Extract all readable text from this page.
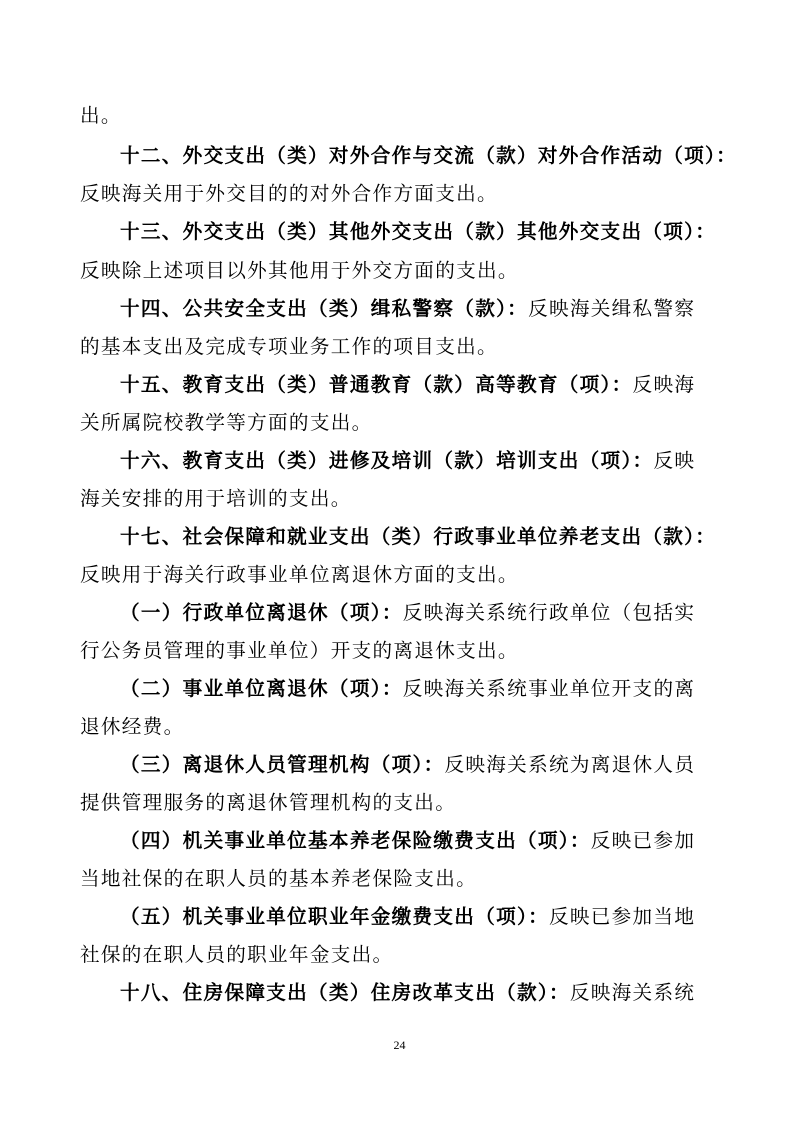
出。
十二、外交支出（类）对外合作与交流（款）对外合作活动（项）：
反映海关用于外交目的的对外合作方面支出。
十三、外交支出（类）其他外交支出（款）其他外交支出（项）：
反映除上述项目以外其他用于外交方面的支出。
十四、公共安全支出（类）缉私警察（款）：反映海关缉私警察
的基本支出及完成专项业务工作的项目支出。
十五、教育支出（类）普通教育（款）高等教育（项）：反映海
关所属院校教学等方面的支出。
十六、教育支出（类）进修及培训（款）培训支出（项）：反映
海关安排的用于培训的支出。
十七、社会保障和就业支出（类）行政事业单位养老支出（款）：
反映用于海关行政事业单位离退休方面的支出。
（一）行政单位离退休（项）：反映海关系统行政单位（包括实
行公务员管理的事业单位）开支的离退休支出。
（二）事业单位离退休（项）：反映海关系统事业单位开支的离
退休经费。
（三）离退休人员管理机构（项）：反映海关系统为离退休人员
提供管理服务的离退休管理机构的支出。
（四）机关事业单位基本养老保险缴费支出（项）：反映已参加
当地社保的在职人员的基本养老保险支出。
（五）机关事业单位职业年金缴费支出（项）：反映已参加当地
社保的在职人员的职业年金支出。
十八、住房保障支出（类）住房改革支出（款）：反映海关系统
24
